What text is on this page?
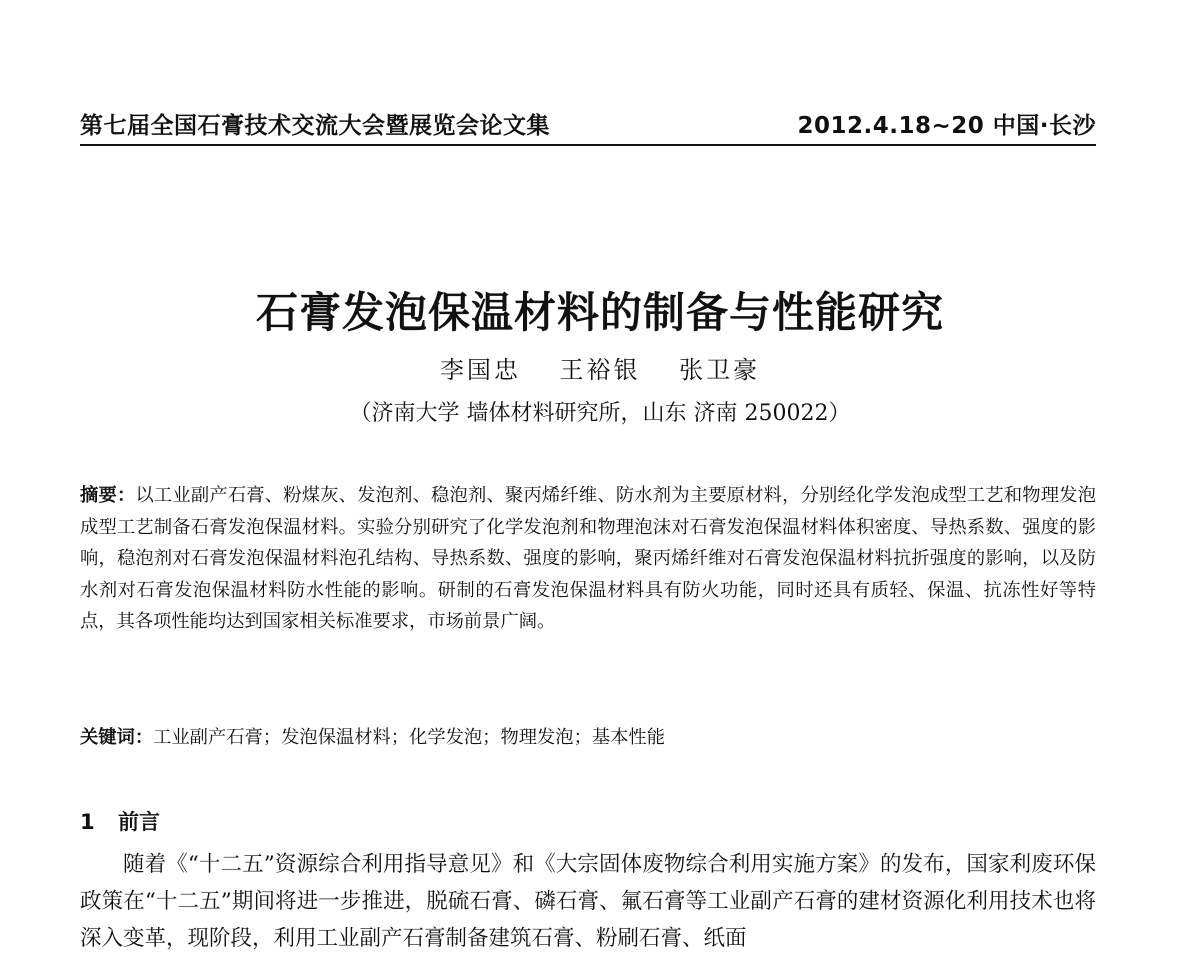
第七届全国石膏技术交流大会暨展览会论文集	2012.4.18~20 中国·长沙
石膏发泡保温材料的制备与性能研究
李国忠 王裕银 张卫豪
（济南大学 墙体材料研究所，山东 济南 250022）

摘要：以工业副产石膏、粉煤灰、发泡剂、稳泡剂、聚丙烯纤维、防水剂为主要原材料，分别经化学发泡成型工艺和物理发泡成型工艺制备石膏发泡保温材料。实验分别研究了化学发泡剂和物理泡沫对石膏发泡保温材料体积密度、导热系数、强度的影响，稳泡剂对石膏发泡保温材料泡孔结构、导热系数、强度的影响，聚丙烯纤维对石膏发泡保温材料抗折强度的影响，以及防水剂对石膏发泡保温材料防水性能的影响。研制的石膏发泡保温材料具有防火功能，同时还具有质轻、保温、抗冻性好等特点，其各项性能均达到国家相关标准要求，市场前景广阔。

关键词：工业副产石膏；发泡保温材料；化学发泡；物理发泡；基本性能

1 前言

随着《“十二五”资源综合利用指导意见》和《大宗固体废物综合利用实施方案》的发布，国家利废环保政策在“十二五”期间将进一步推进，脱硫石膏、磷石膏、氟石膏等工业副产石膏的建材资源化利用技术也将深入变革，现阶段，利用工业副产石膏制备建筑石膏、粉刷石膏、纸面
